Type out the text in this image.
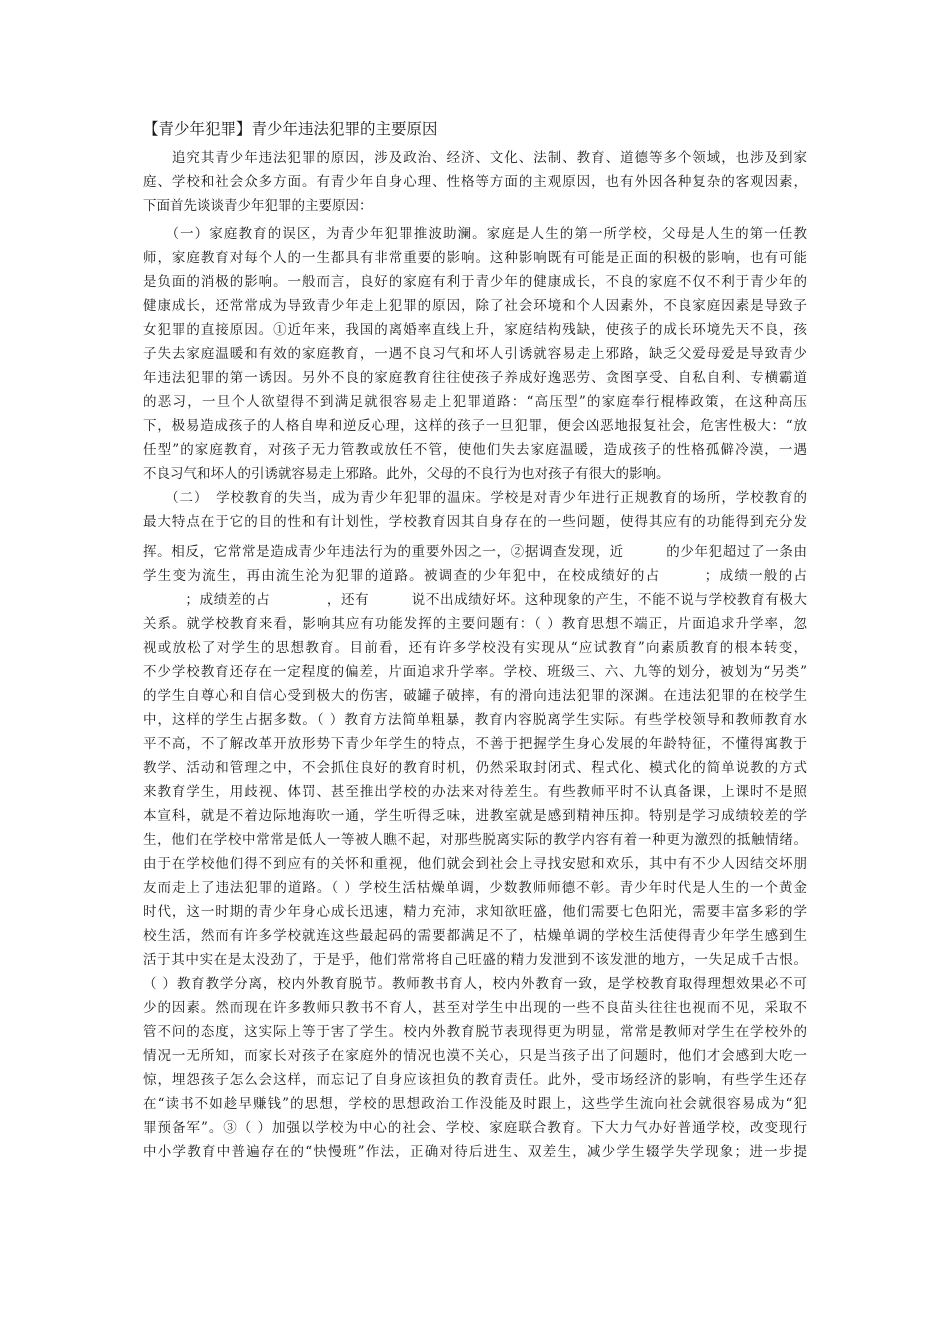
【青少年犯罪】青少年违法犯罪的主要原因
　　追究其青少年违法犯罪的原因，涉及政治、经济、文化、法制、教育、道德等多个领域，也涉及到家
庭、学校和社会众多方面。有青少年自身心理、性格等方面的主观原因，也有外因各种复杂的客观因素，
下面首先谈谈青少年犯罪的主要原因：
　　（一）家庭教育的误区，为青少年犯罪推波助澜。家庭是人生的第一所学校，父母是人生的第一任教
师，家庭教育对每个人的一生都具有非常重要的影响。这种影响既有可能是正面的积极的影响，也有可能
是负面的消极的影响。一般而言，良好的家庭有利于青少年的健康成长，不良的家庭不仅不利于青少年的
健康成长，还常常成为导致青少年走上犯罪的原因，除了社会环境和个人因素外，不良家庭因素是导致子
女犯罪的直接原因。①近年来，我国的离婚率直线上升，家庭结构残缺，使孩子的成长环境先天不良，孩
子失去家庭温暖和有效的家庭教育，一遇不良习气和坏人引诱就容易走上邪路，缺乏父爱母爱是导致青少
年违法犯罪的第一诱因。另外不良的家庭教育往往使孩子养成好逸恶劳、贪图享受、自私自利、专横霸道
的恶习，一旦个人欲望得不到满足就很容易走上犯罪道路：“高压型”的家庭奉行棍棒政策，在这种高压
下，极易造成孩子的人格自卑和逆反心理，这样的孩子一旦犯罪，便会凶恶地报复社会，危害性极大：“放
任型”的家庭教育，对孩子无力管教或放任不管，使他们失去家庭温暖，造成孩子的性格孤僻冷漠，一遇
不良习气和坏人的引诱就容易走上邪路。此外，父母的不良行为也对孩子有很大的影响。
　　（二）　学校教育的失当，成为青少年犯罪的温床。学校是对青少年进行正规教育的场所，学校教育的
最大特点在于它的目的性和有计划性，学校教育因其自身存在的一些问题，使得其应有的功能得到充分发
挥。相反，它常常是造成青少年违法行为的重要外因之一，②据调查发现，近　　　的少年犯超过了一条由
学生变为流生，再由流生沦为犯罪的道路。被调查的少年犯中，在校成绩好的占　　　；成绩一般的占
　　　；成绩差的占　　　　，还有　　　说不出成绩好坏。这种现象的产生，不能不说与学校教育有极大
关系。就学校教育来看，影响其应有功能发挥的主要问题有：（ ）教育思想不端正，片面追求升学率，忽
视或放松了对学生的思想教育。目前看，还有许多学校没有实现从“应试教育”向素质教育的根本转变，
不少学校教育还存在一定程度的偏差，片面追求升学率。学校、班级三、六、九等的划分，被划为“另类”
的学生自尊心和自信心受到极大的伤害，破罐子破摔，有的滑向违法犯罪的深渊。在违法犯罪的在校学生
中，这样的学生占据多数。（ ）教育方法简单粗暴，教育内容脱离学生实际。有些学校领导和教师教育水
平不高，不了解改革开放形势下青少年学生的特点，不善于把握学生身心发展的年龄特征，不懂得寓教于
教学、活动和管理之中，不会抓住良好的教育时机，仍然采取封闭式、程式化、模式化的简单说教的方式
来教育学生，用歧视、体罚、甚至推出学校的办法来对待差生。有些教师平时不认真备课，上课时不是照
本宣科，就是不着边际地海吹一通，学生听得乏味，进教室就是感到精神压抑。特别是学习成绩较差的学
生，他们在学校中常常是低人一等被人瞧不起，对那些脱离实际的教学内容有着一种更为激烈的抵触情绪。
由于在学校他们得不到应有的关怀和重视，他们就会到社会上寻找安慰和欢乐，其中有不少人因结交坏朋
友而走上了违法犯罪的道路。（ ）学校生活枯燥单调，少数教师师德不彰。青少年时代是人生的一个黄金
时代，这一时期的青少年身心成长迅速，精力充沛，求知欲旺盛，他们需要七色阳光，需要丰富多彩的学
校生活，然而有许多学校就连这些最起码的需要都满足不了，枯燥单调的学校生活使得青少年学生感到生
活于其中实在是太没劲了，于是乎，他们常常将自己旺盛的精力发泄到不该发泄的地方，一失足成千古恨。
（ ）教育教学分离，校内外教育脱节。教师教书育人，校内外教育一致，是学校教育取得理想效果必不可
少的因素。然而现在许多教师只教书不育人，甚至对学生中出现的一些不良苗头往往也视而不见，采取不
管不问的态度，这实际上等于害了学生。校内外教育脱节表现得更为明显，常常是教师对学生在学校外的
情况一无所知，而家长对孩子在家庭外的情况也漠不关心，只是当孩子出了问题时，他们才会感到大吃一
惊，埋怨孩子怎么会这样，而忘记了自身应该担负的教育责任。此外，受市场经济的影响，有些学生还存
在“读书不如趁早赚钱”的思想，学校的思想政治工作没能及时跟上，这些学生流向社会就很容易成为“犯
罪预备军”。③（ ）加强以学校为中心的社会、学校、家庭联合教育。下大力气办好普通学校，改变现行
中小学教育中普遍存在的“快慢班”作法，正确对待后进生、双差生，减少学生辍学失学现象；进一步提
